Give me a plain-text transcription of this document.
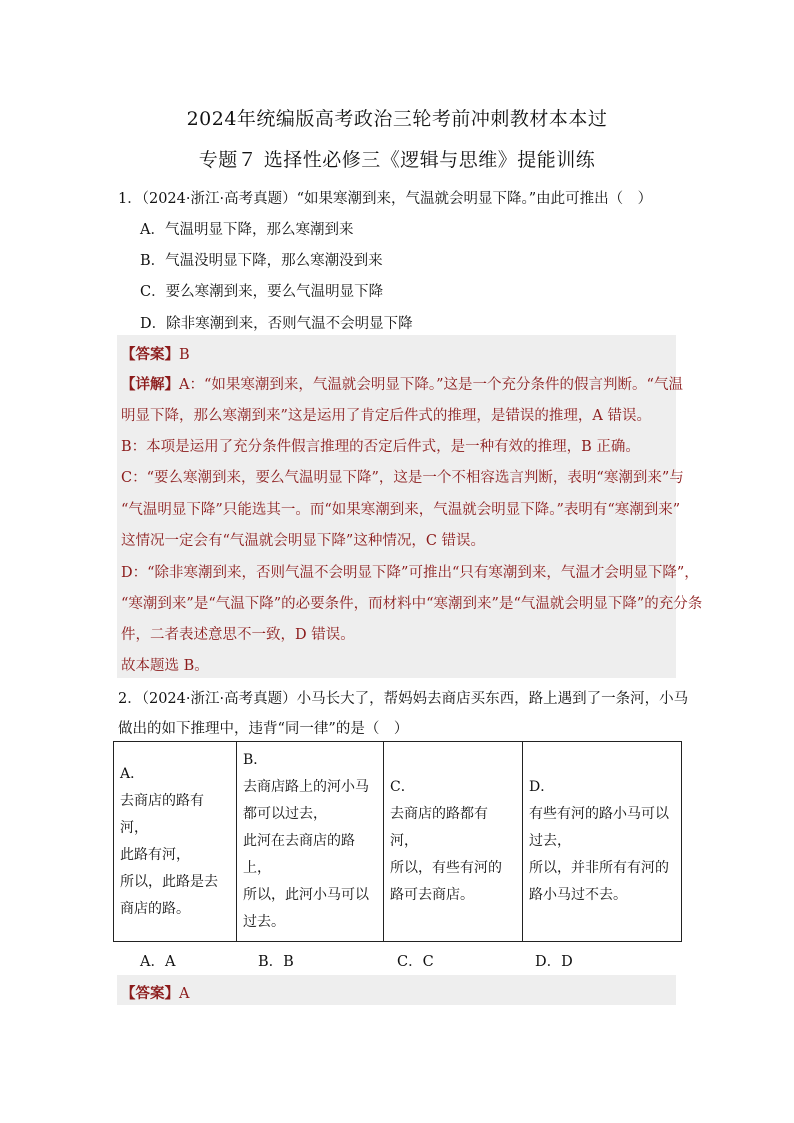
2024年统编版高考政治三轮考前冲刺教材本本过
专题７ 选择性必修三《逻辑与思维》提能训练
1．（2024·浙江·高考真题）“如果寒潮到来，气温就会明显下降。”由此可推出（　）
A．气温明显下降，那么寒潮到来
B．气温没明显下降，那么寒潮没到来
C．要么寒潮到来，要么气温明显下降
D．除非寒潮到来，否则气温不会明显下降
【答案】B
【详解】A：“如果寒潮到来，气温就会明显下降。”这是一个充分条件的假言判断。“气温
明显下降，那么寒潮到来”这是运用了肯定后件式的推理，是错误的推理，A 错误。
B：本项是运用了充分条件假言推理的否定后件式，是一种有效的推理，B 正确。
C：“要么寒潮到来，要么气温明显下降”，这是一个不相容选言判断，表明“寒潮到来”与
“气温明显下降”只能选其一。而“如果寒潮到来，气温就会明显下降。”表明有“寒潮到来”
这情况一定会有“气温就会明显下降”这种情况，C 错误。
D：“除非寒潮到来，否则气温不会明显下降”可推出“只有寒潮到来，气温才会明显下降”，
“寒潮到来”是“气温下降”的必要条件，而材料中“寒潮到来”是“气温就会明显下降”的充分条
件，二者表述意思不一致，D 错误。
故本题选 B。
2．（2024·浙江·高考真题）小马长大了，帮妈妈去商店买东西，路上遇到了一条河，小马
做出的如下推理中，违背“同一律”的是（　）
A．
去商店的路有
河，
此路有河，
所以，此路是去
商店的路。

B．
去商店路上的河小马
都可以过去，
此河在去商店的路
上，
所以，此河小马可以
过去。

C．
去商店的路都有
河，
所以，有些有河的
路可去商店。

D．
有些有河的路小马可以
过去，
所以，并非所有有河的
路小马过不去。
A．A	B．B	C．C	D．D
【答案】A
